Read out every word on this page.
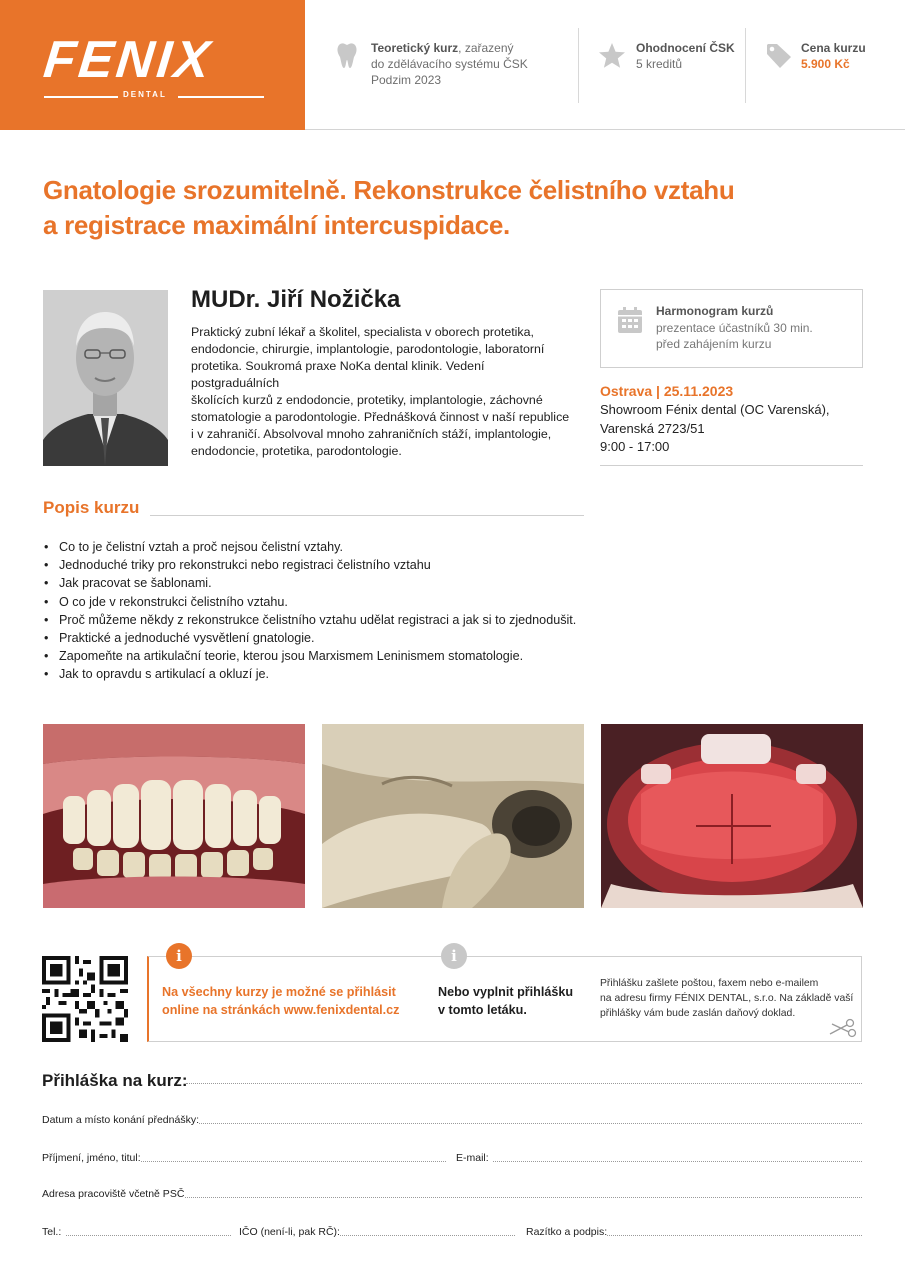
FENIX
DENTAL
Teoretický kurz, zařazený
do zdělávacího systému ČSK
Podzim 2023
Ohodnocení ČSK
5 kreditů
Cena kurzu
5.900 Kč
Gnatologie srozumitelně. Rekonstrukce čelistního vztahu
a registrace maximální intercuspidace.
MUDr. Jiří Nožička
Praktický zubní lékař a školitel, specialista v oborech protetika,
endodoncie, chirurgie, implantologie, parodontologie, laboratorní
protetika. Soukromá praxe NoKa dental klinik. Vedení postgraduálních
školících kurzů z endodoncie, protetiky, implantologie, záchovné
stomatologie a parodontologie. Přednášková činnost v naší republice
i v zahraničí. Absolvoval mnoho zahraničních stáží, implantologie,
endodoncie, protetika, parodontologie.
Harmonogram kurzů
prezentace účastníků 30 min.
před zahájením kurzu
Ostrava | 25.11.2023
Showroom Fénix dental (OC Varenská),
Varenská 2723/51
9:00 - 17:00
Popis kurzu
• Co to je čelistní vztah a proč nejsou čelistní vztahy.
• Jednoduché triky pro rekonstrukci nebo registraci čelistního vztahu
• Jak pracovat se šablonami.
• O co jde v rekonstrukci čelistního vztahu.
• Proč můžeme někdy z rekonstrukce čelistního vztahu udělat registraci a jak si to zjednodušit.
• Praktické a jednoduché vysvětlení gnatologie.
• Zapomeňte na artikulační teorie, kterou jsou Marxismem Leninismem stomatologie.
• Jak to opravdu s artikulací a okluzí je.
i	i
Na všechny kurzy je možné se přihlásit
online na stránkách www.fenixdental.cz
Nebo vyplnit přihlášku
v tomto letáku.
Přihlášku zašlete poštou, faxem nebo e-mailem
na adresu firmy FÉNIX DENTAL, s.r.o. Na základě vaší
přihlášky vám bude zaslán daňový doklad.
Přihláška na kurz:
Datum a místo konání přednášky:
Příjmení, jméno, titul:	E-mail:
Adresa pracoviště včetně PSČ
Tel.:	IČO (není-li, pak RČ):	Razítko a podpis:
